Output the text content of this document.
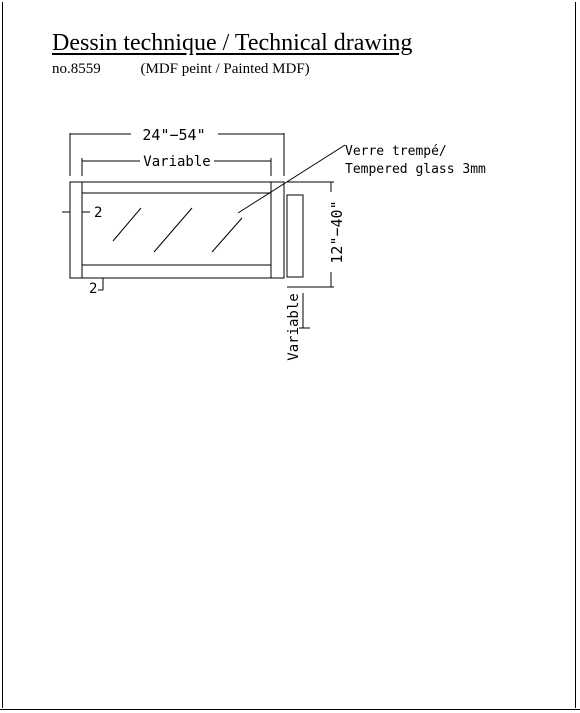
Dessin technique / Technical drawing
no.8559	(MDF peint / Painted MDF)
24"−54"
Variable
Verre trempé/
Tempered glass 3mm
12"−40"
Variable
2
2
